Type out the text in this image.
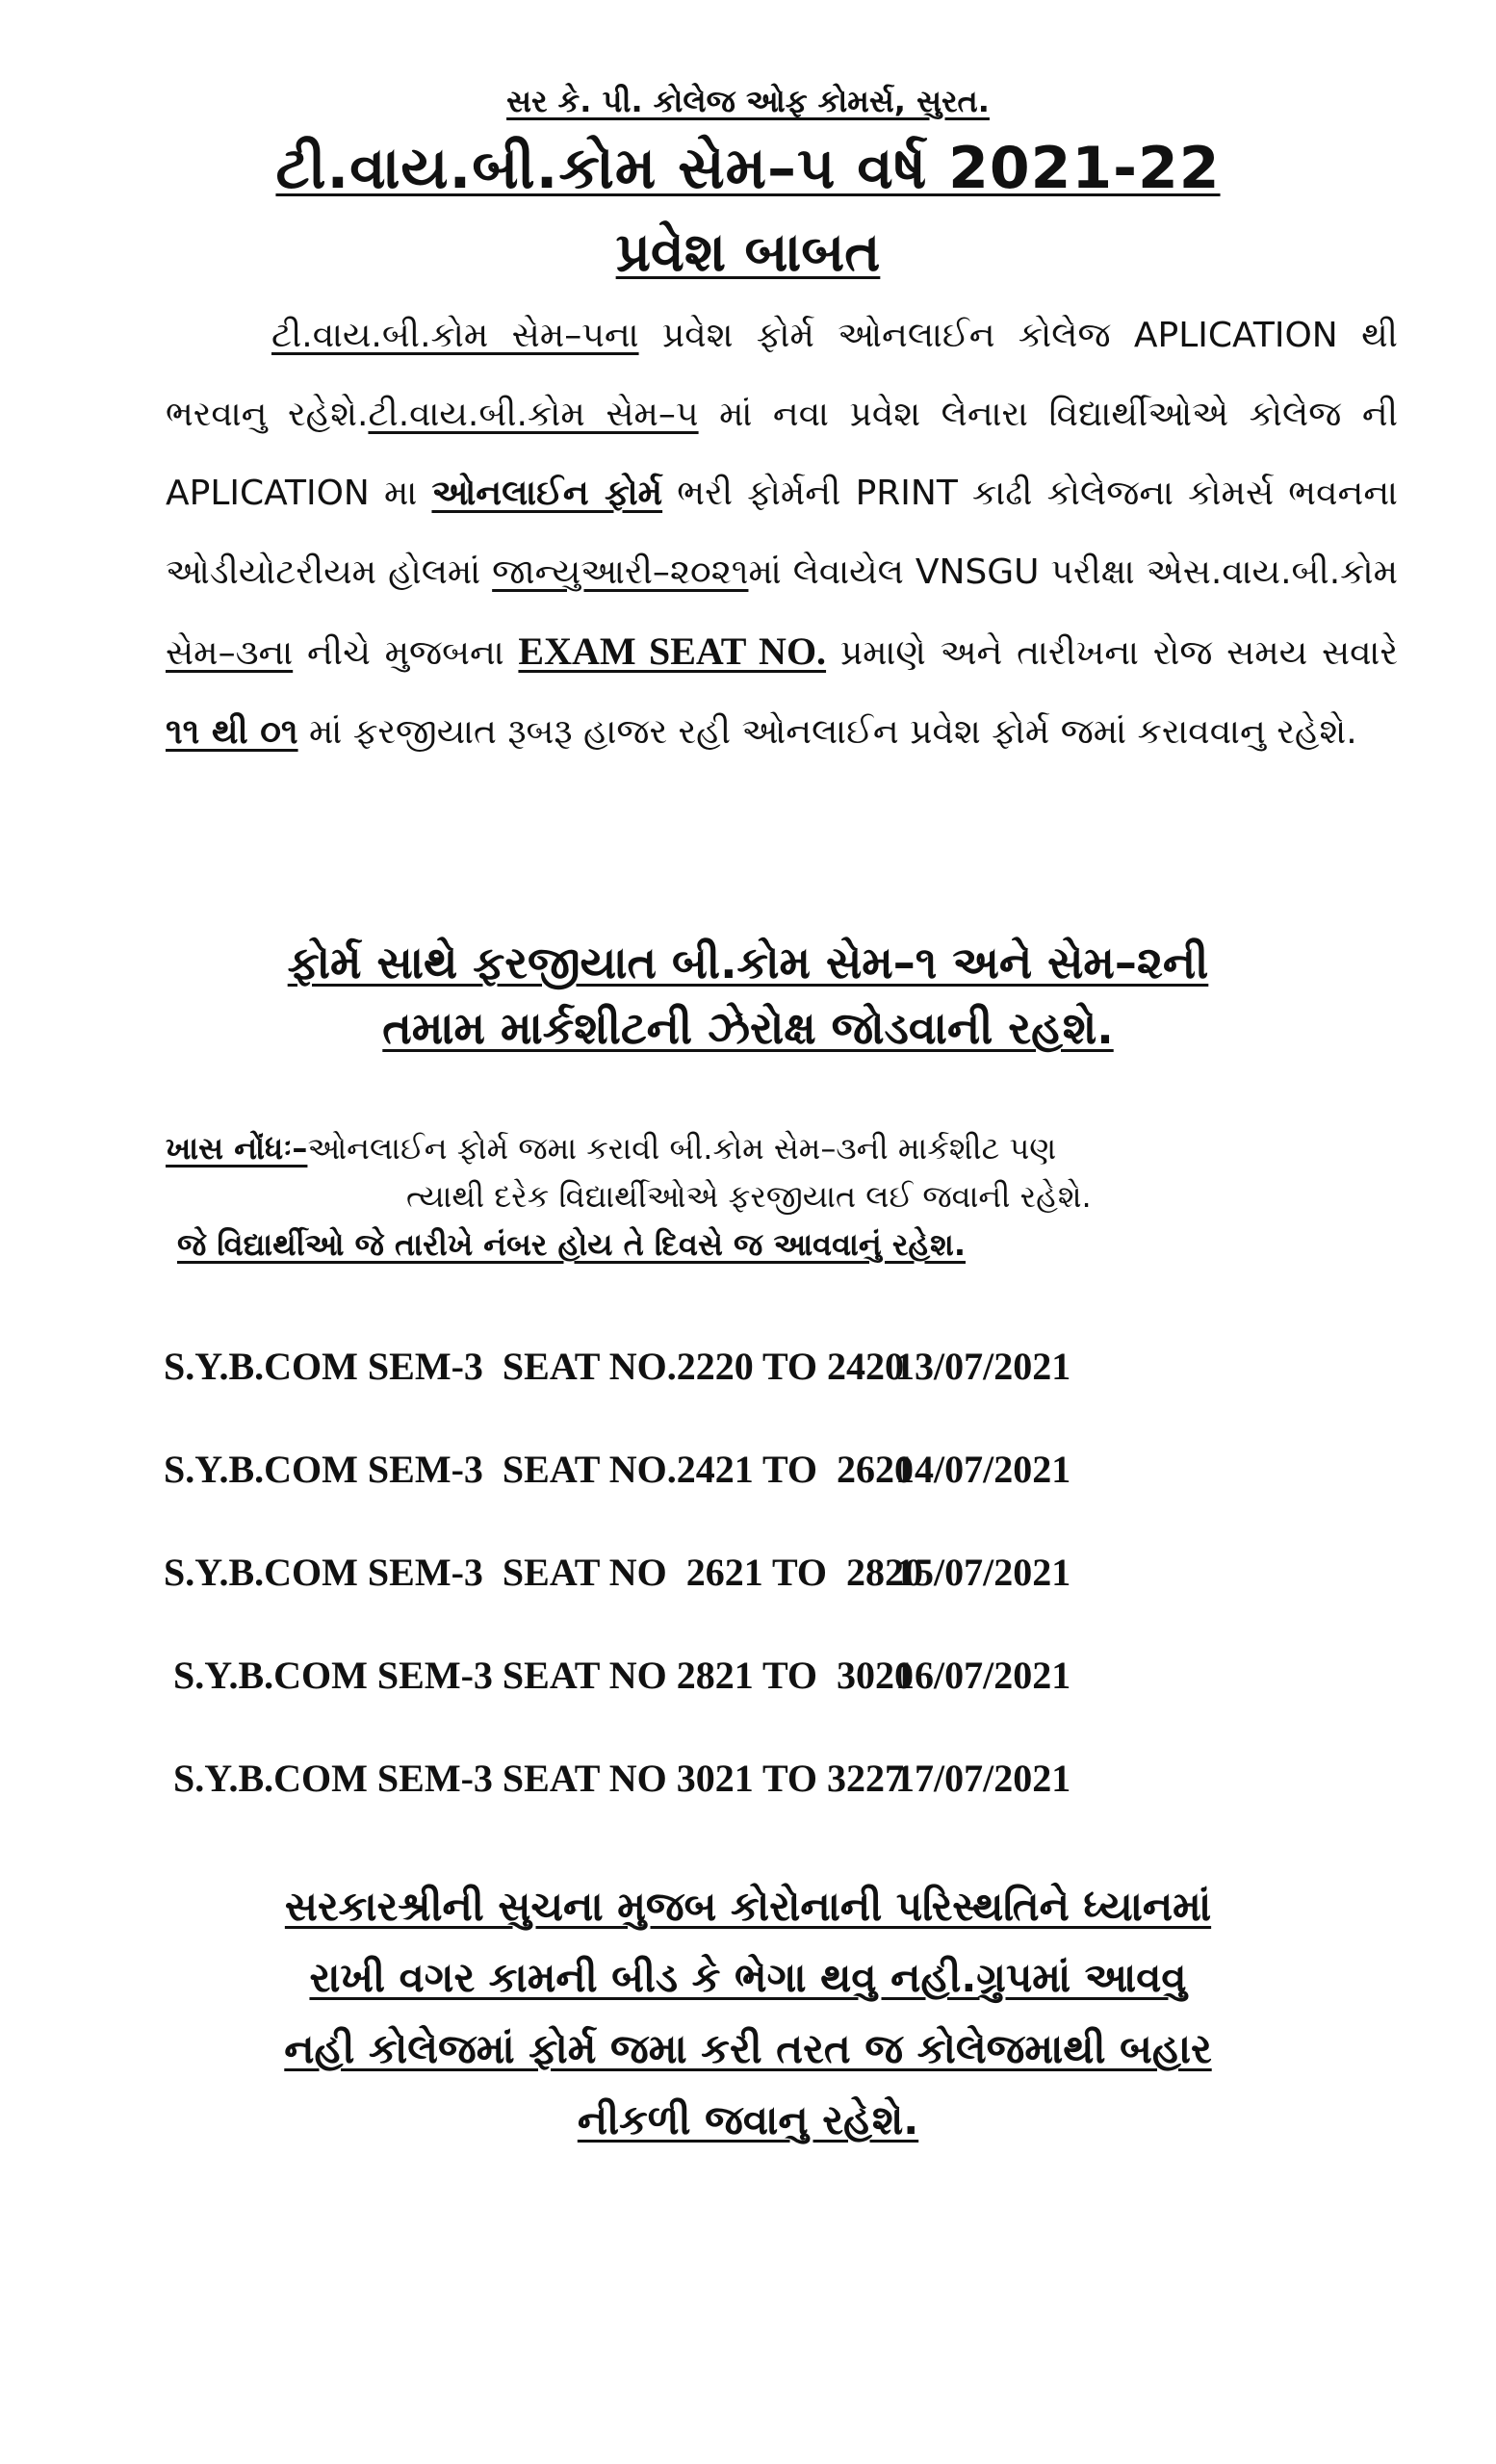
સર કે. પી. કોલેજ ઓફ કોમર્સ, સુરત.
ટી.વાય.બી.કોમ સેમ–૫ વર્ષ 2021-22
પ્રવેશ બાબત
ટી.વાય.બી.કોમ સેમ–૫ના પ્રવેશ ફોર્મ ઓનલાઈન કોલેજ APLICATION થી ભરવાનુ રહેશે.ટી.વાય.બી.કોમ સેમ–૫ માં નવા પ્રવેશ લેનારા વિદ્યાર્થીઓએ કોલેજ ની APLICATION મા ઓનલાઈન ફોર્મ ભરી ફોર્મની PRINT કાઢી કોલેજના કોમર્સ ભવનના ઓડીયોટરીયમ હોલમાં જાન્યુઆરી–૨૦૨૧માં લેવાયેલ VNSGU પરીક્ષા એસ.વાય.બી.કોમ સેમ–૩ના નીચે મુજબના EXAM SEAT NO. પ્રમાણે અને તારીખના રોજ સમય સવારે ૧૧ થી ૦૧ માં ફરજીયાત રૂબરૂ હાજર રહી ઓનલાઈન પ્રવેશ ફોર્મ જમાં કરાવવાનુ રહેશે.
ફોર્મ સાથે ફરજીયાત બી.કોમ સેમ–૧ અને સેમ–૨ની
તમામ માર્કશીટની ઝેરોક્ષ જોડવાની રહશે.
ખાસ નોંધઃ–ઓનલાઈન ફોર્મ જમા કરાવી બી.કોમ સેમ–૩ની માર્કશીટ પણ
ત્યાથી દરેક વિદ્યાર્થીઓએ ફરજીયાત લઈ જવાની રહેશે.
જે વિદ્યાર્થીઓ જે તારીખે નંબર હોય તે દિવસે જ આવવાનું રહેશ.
S.Y.B.COM SEM-3  SEAT NO.2220 TO 2420
13/07/2021
S.Y.B.COM SEM-3  SEAT NO.2421 TO  2620
14/07/2021
S.Y.B.COM SEM-3  SEAT NO  2621 TO  2820
15/07/2021
S.Y.B.COM SEM-3 SEAT NO 2821 TO  3020
16/07/2021
S.Y.B.COM SEM-3 SEAT NO 3021 TO 3227
17/07/2021
સરકારશ્રીની સુચના મુજબ કોરોનાની પરિસ્થતિને ધ્યાનમાં
રાખી વગર કામની બીડ કે ભેગા થવુ નહી.ગ્રુપમાં આવવુ
નહી કોલેજમાં ફોર્મ જમા કરી તરત જ કોલેજમાથી બહાર
નીકળી જવાનુ રહેશે.
